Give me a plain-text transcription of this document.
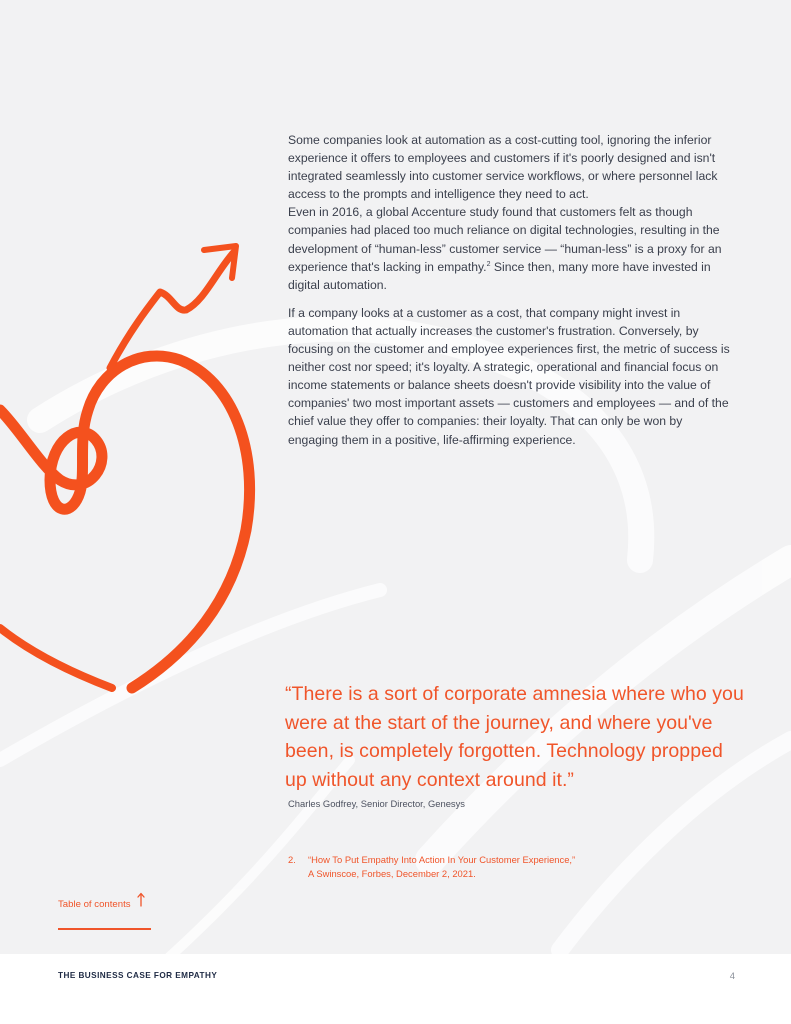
Some companies look at automation as a cost-cutting tool, ignoring the inferior experience it offers to employees and customers if it's poorly designed and isn't integrated seamlessly into customer service workflows, or where personnel lack access to the prompts and intelligence they need to act.
Even in 2016, a global Accenture study found that customers felt as though companies had placed too much reliance on digital technologies, resulting in the development of “human-less” customer service — “human-less” is a proxy for an experience that's lacking in empathy.$^2$ Since then, many more have invested in digital automation.

If a company looks at a customer as a cost, that company might invest in automation that actually increases the customer's frustration. Conversely, by focusing on the customer and employee experiences first, the metric of success is neither cost nor speed; it's loyalty. A strategic, operational and financial focus on income statements or balance sheets doesn't provide visibility into the value of companies' two most important assets — customers and employees — and of the chief value they offer to companies: their loyalty. That can only be won by engaging them in a positive, life-affirming experience.

“There is a sort of corporate amnesia where who you were at the start of the journey, and where you've been, is completely forgotten. Technology propped up without any context around it.”
Charles Godfrey, Senior Director, Genesys
2. “How To Put Empathy Into Action In Your Customer Experience,”
A Swinscoe, Forbes, December 2, 2021.
Table of contents
THE BUSINESS CASE FOR EMPATHY	4
